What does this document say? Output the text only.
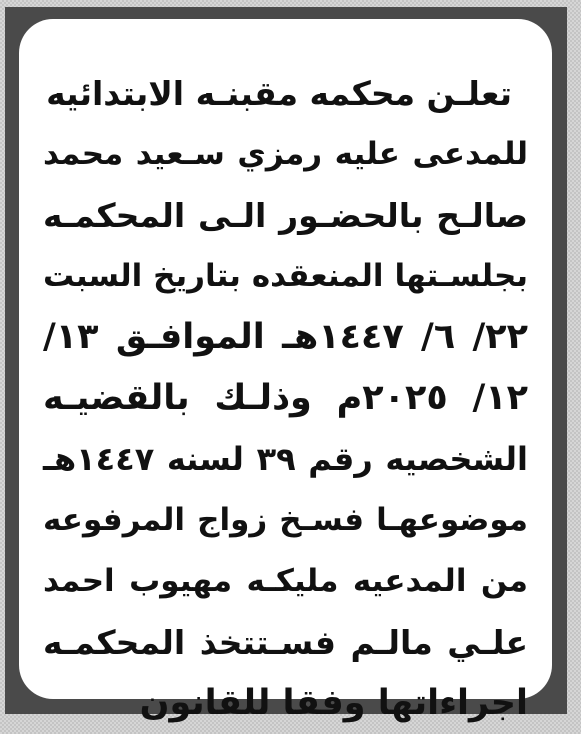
تعلـن محكمه مقبنـه الابتدائيه
للمدعى عليه رمزي سـعيد محمد
صالـح بالحضـور الـى المحكمـه
بجلسـتها المنعقده بتاريخ السبت
٢٢/ ٦/ ١٤٤٧هـ الموافـق ١٣/
١٢/ ٢٠٢٥م وذلـك بالقضيـه
الشخصيه رقم ٣٩ لسنه ١٤٤٧هـ
موضوعهـا فسـخ زواج المرفوعه
من المدعيه مليكـه مهيوب احمد
علـي مالـم فسـتتخذ المحكمـه
اجراءاتها وفقا للقانون
